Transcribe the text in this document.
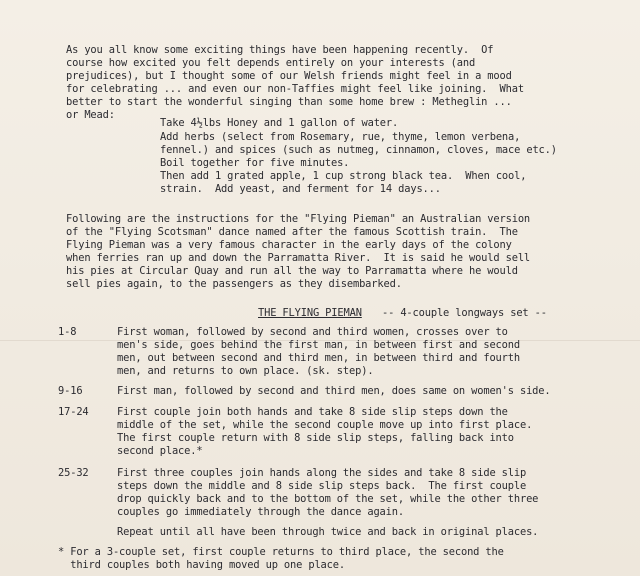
As you all know some exciting things have been happening recently.  Of
course how excited you felt depends entirely on your interests (and
prejudices), but I thought some of our Welsh friends might feel in a mood
for celebrating ... and even our non-Taffies might feel like joining.  What
better to start the wonderful singing than some home brew : Metheglin ...
or Mead:
Take 4½lbs Honey and 1 gallon of water.
Add herbs (select from Rosemary, rue, thyme, lemon verbena,
fennel.) and spices (such as nutmeg, cinnamon, cloves, mace etc.)
Boil together for five minutes.
Then add 1 grated apple, 1 cup strong black tea.  When cool,
strain.  Add yeast, and ferment for 14 days...
Following are the instructions for the "Flying Pieman" an Australian version
of the "Flying Scotsman" dance named after the famous Scottish train.  The
Flying Pieman was a very famous character in the early days of the colony
when ferries ran up and down the Parramatta River.  It is said he would sell
his pies at Circular Quay and run all the way to Parramatta where he would
sell pies again, to the passengers as they disembarked.
THE FLYING PIEMAN -- 4-couple longways set --
1-8	First woman, followed by second and third women, crosses over to
men's side, goes behind the first man, in between first and second
men, out between second and third men, in between third and fourth
men, and returns to own place. (sk. step).
9-16	First man, followed by second and third men, does same on women's side.
17-24	First couple join both hands and take 8 side slip steps down the
middle of the set, while the second couple move up into first place.
The first couple return with 8 side slip steps, falling back into
second place.*
25-32	First three couples join hands along the sides and take 8 side slip
steps down the middle and 8 side slip steps back.  The first couple
drop quickly back and to the bottom of the set, while the other three
couples go immediately through the dance again.
Repeat until all have been through twice and back in original places.
* For a 3-couple set, first couple returns to third place, the second the
third couples both having moved up one place.
